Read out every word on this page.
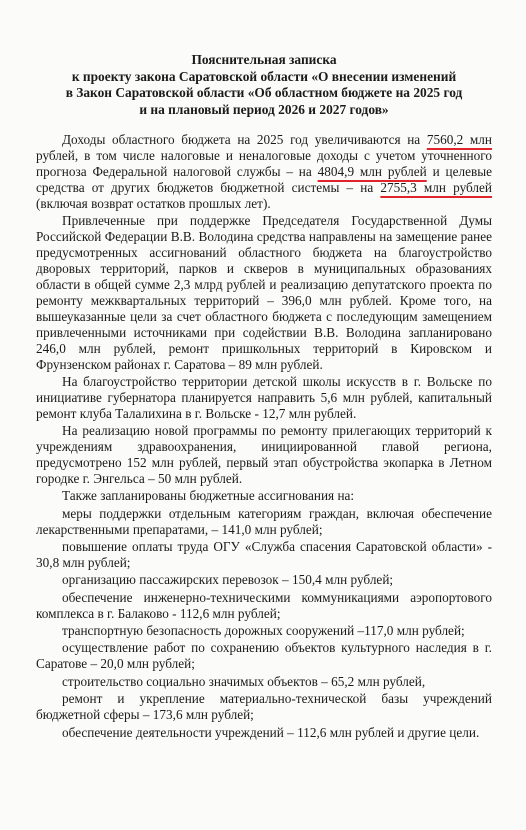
Пояснительная записка
к проекту закона Саратовской области «О внесении изменений
в Закон Саратовской области «Об областном бюджете на 2025 год
и на плановый период 2026 и 2027 годов»

Доходы областного бюджета на 2025 год увеличиваются на 7560,2 млн рублей, в том числе налоговые и неналоговые доходы с учетом уточненного прогноза Федеральной налоговой службы – на 4804,9 млн рублей и целевые средства от других бюджетов бюджетной системы – на 2755,3 млн рублей (включая возврат остатков прошлых лет).

Привлеченные при поддержке Председателя Государственной Думы Российской Федерации В.В. Володина средства направлены на замещение ранее предусмотренных ассигнований областного бюджета на благоустройство дворовых территорий, парков и скверов в муниципальных образованиях области в общей сумме 2,3 млрд рублей и реализацию депутатского проекта по ремонту межквартальных территорий – 396,0 млн рублей. Кроме того, на вышеуказанные цели за счет областного бюджета с последующим замещением привлеченными источниками при содействии В.В. Володина запланировано 246,0 млн рублей, ремонт пришкольных территорий в Кировском и Фрунзенском районах г. Саратова – 89 млн рублей.

На благоустройство территории детской школы искусств в г. Вольске по инициативе губернатора планируется направить 5,6 млн рублей, капитальный ремонт клуба Талалихина в г. Вольске - 12,7 млн рублей.

На реализацию новой программы по ремонту прилегающих территорий к учреждениям здравоохранения, инициированной главой региона, предусмотрено 152 млн рублей, первый этап обустройства экопарка в Летном городке г. Энгельса – 50 млн рублей.

Также запланированы бюджетные ассигнования на:

меры поддержки отдельным категориям граждан, включая обеспечение лекарственными препаратами, – 141,0 млн рублей;

повышение оплаты труда ОГУ «Служба спасения Саратовской области» - 30,8 млн рублей;

организацию пассажирских перевозок – 150,4 млн рублей;

обеспечение инженерно-техническими коммуникациями аэропортового комплекса в г. Балаково - 112,6 млн рублей;

транспортную безопасность дорожных сооружений –117,0 млн рублей;

осуществление работ по сохранению объектов культурного наследия в г. Саратове – 20,0 млн рублей;

строительство социально значимых объектов – 65,2 млн рублей,

ремонт и укрепление материально-технической базы учреждений бюджетной сферы – 173,6 млн рублей;

обеспечение деятельности учреждений – 112,6 млн рублей и другие цели.
